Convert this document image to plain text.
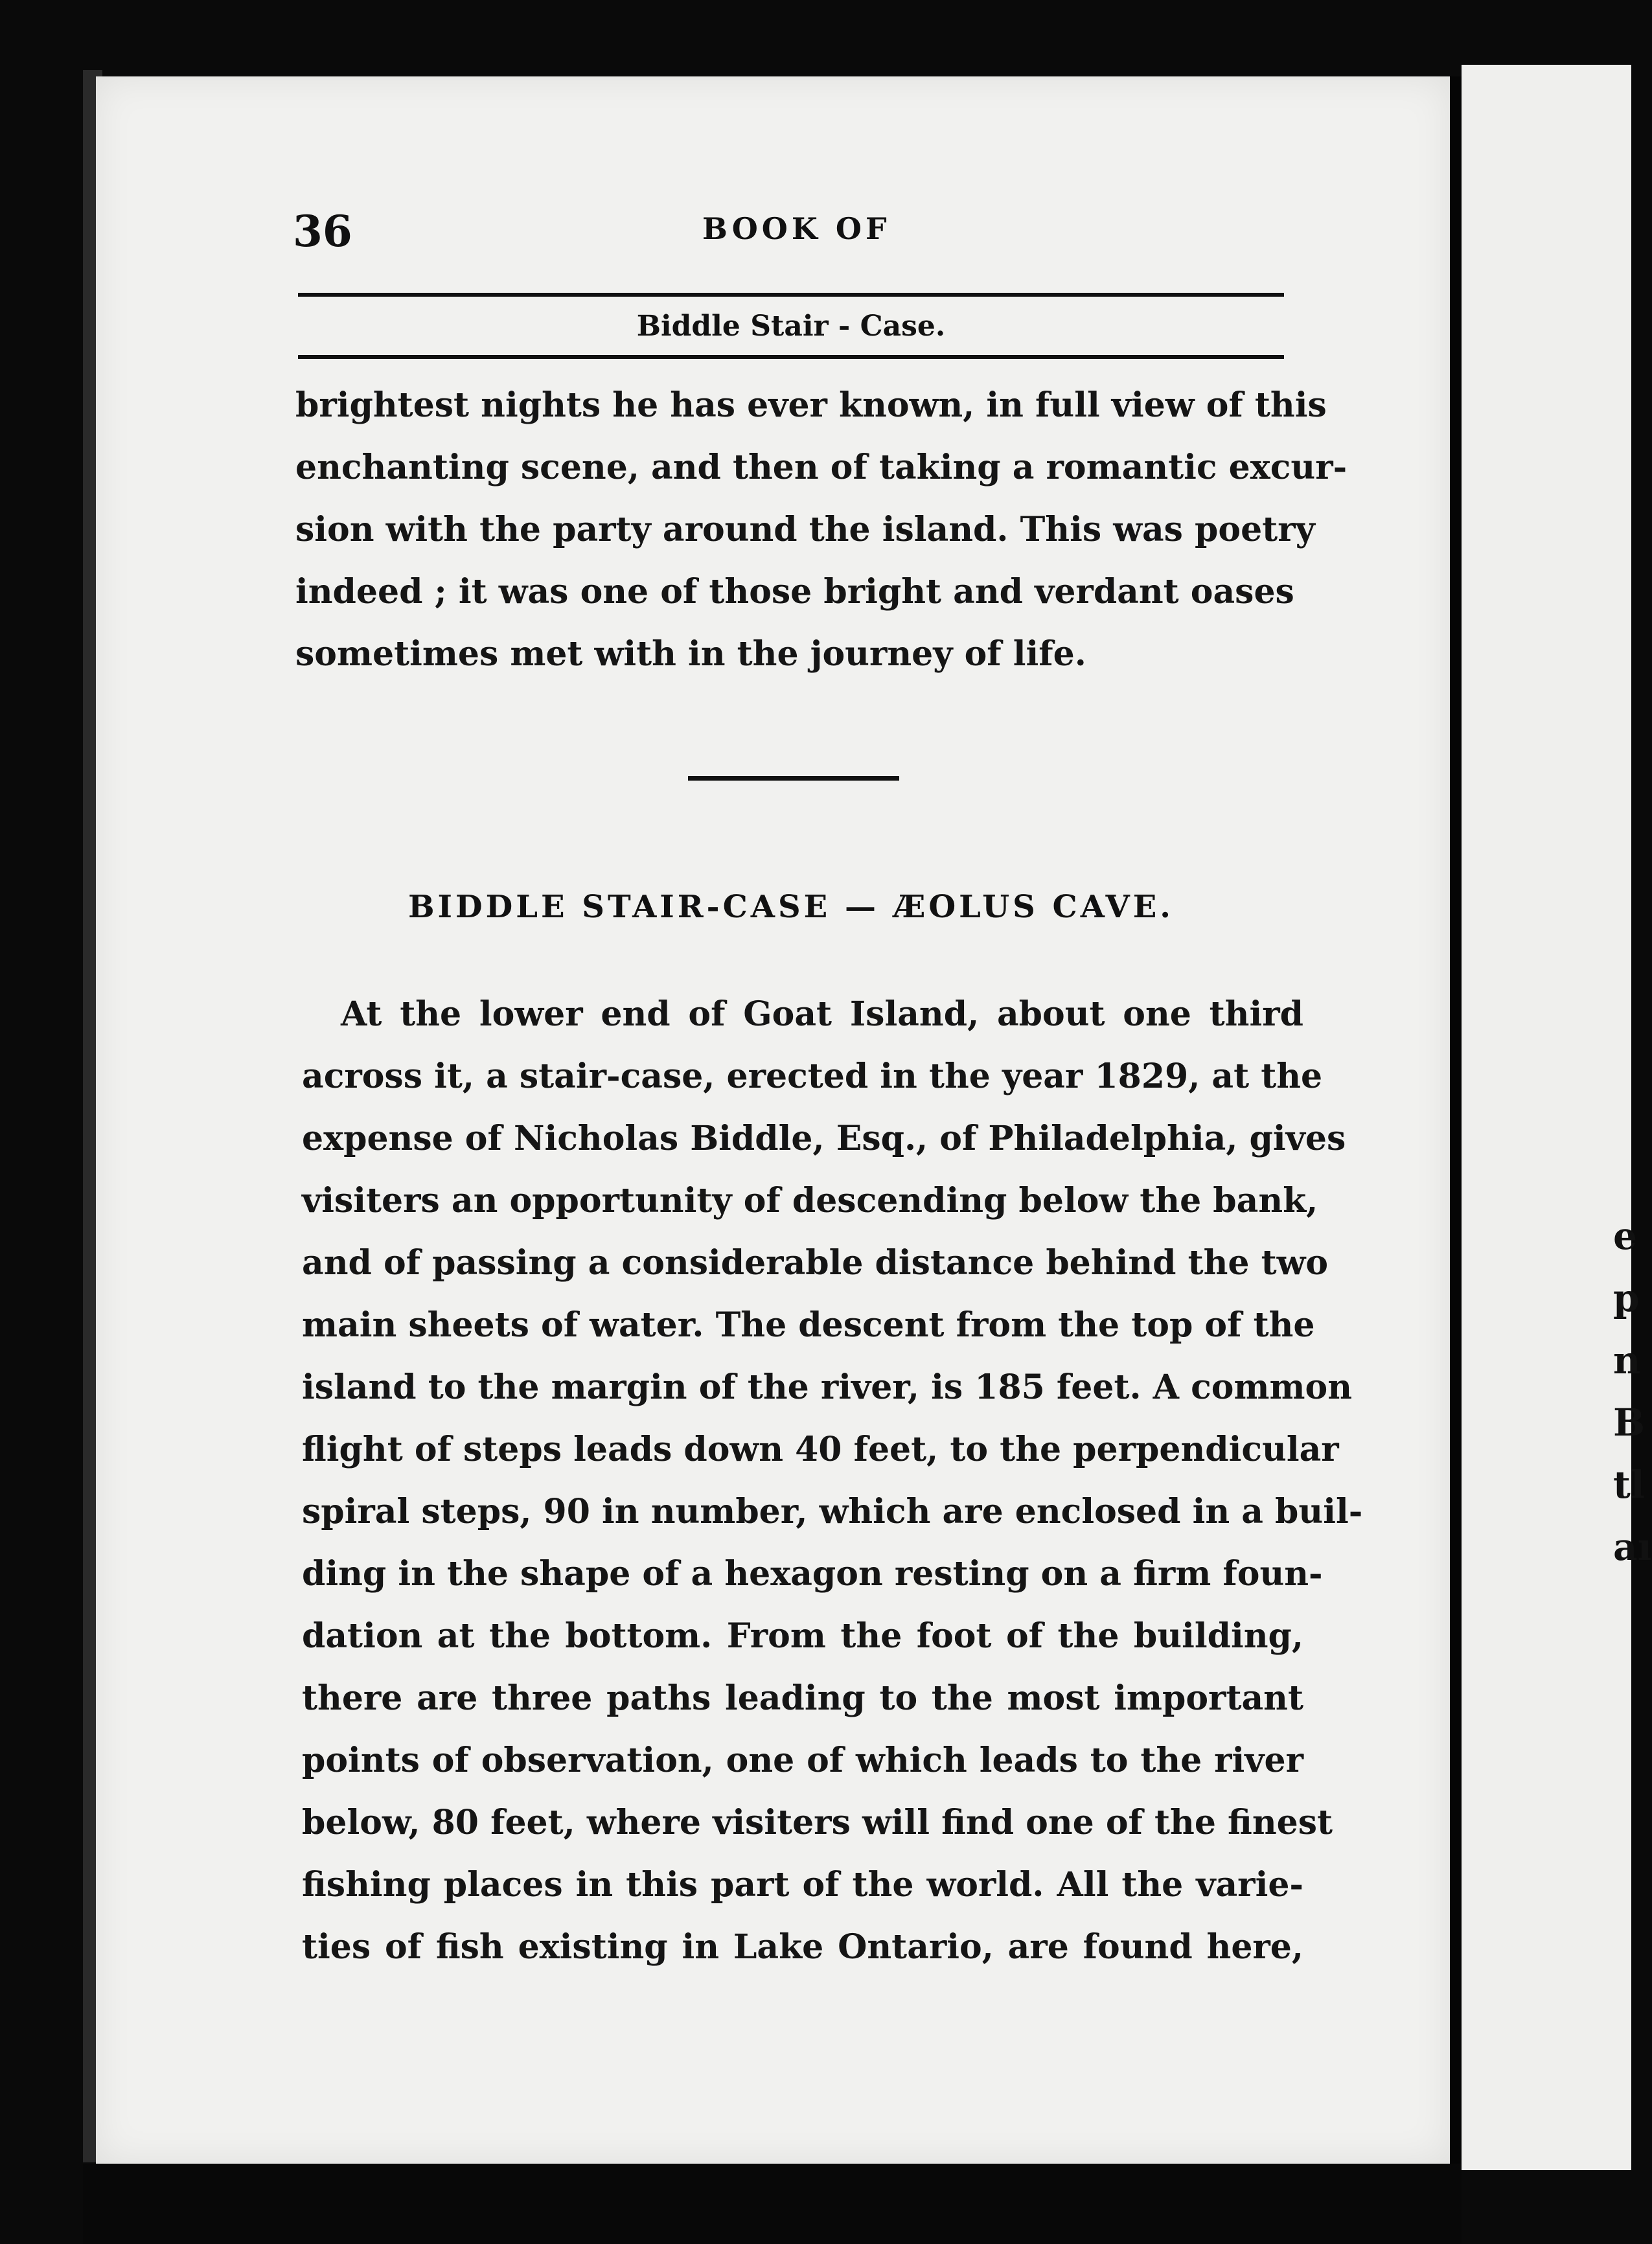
e
p
n
B
tl
aı
36	BOOK OF
Biddle Stair - Case.
brightest nights he has ever known, in full view of this
enchanting scene, and then of taking a romantic excur-
sion with the party around the island. This was poetry
indeed ; it was one of those bright and verdant oases
sometimes met with in the journey of life.
BIDDLE STAIR-CASE — ÆOLUS CAVE.
At the lower end of Goat Island, about one third
across it, a stair-case, erected in the year 1829, at the
expense of Nicholas Biddle, Esq., of Philadelphia, gives
visiters an opportunity of descending below the bank,
and of passing a considerable distance behind the two
main sheets of water. The descent from the top of the
island to the margin of the river, is 185 feet. A common
flight of steps leads down 40 feet, to the perpendicular
spiral steps, 90 in number, which are enclosed in a buil-
ding in the shape of a hexagon resting on a firm foun-
dation at the bottom. From the foot of the building,
there are three paths leading to the most important
points of observation, one of which leads to the river
below, 80 feet, where visiters will find one of the finest
fishing places in this part of the world. All the varie-
ties of fish existing in Lake Ontario, are found here,
